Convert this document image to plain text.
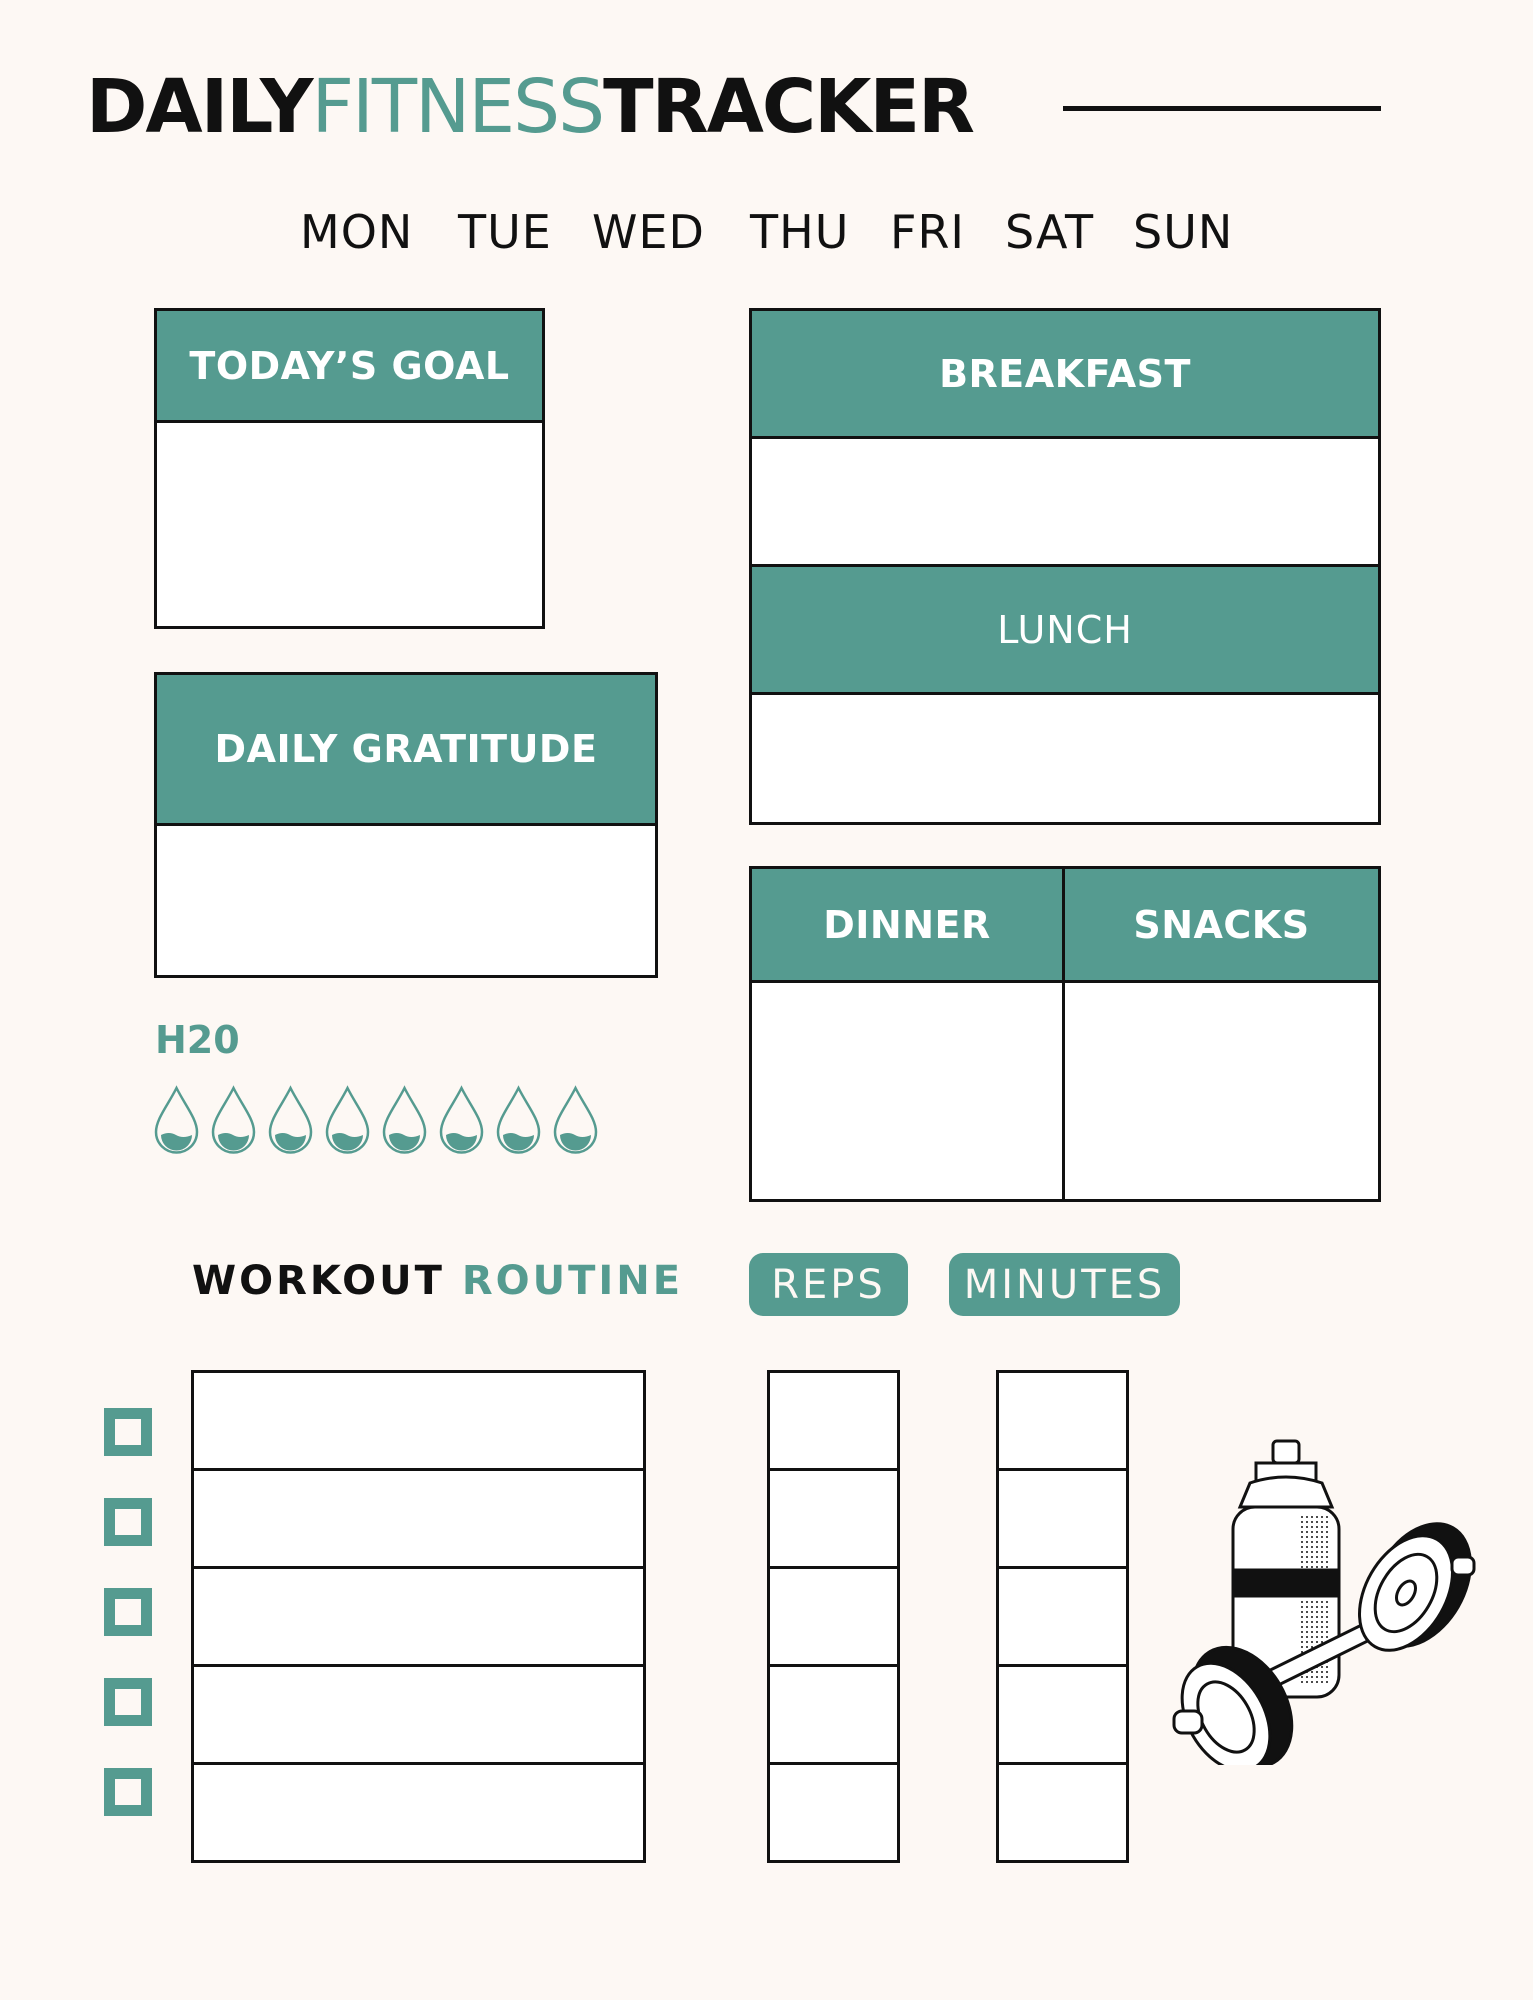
DAILYFITNESSTRACKER
MON TUE WED THU FRI SAT SUN
TODAY’S GOAL
DAILY GRATITUDE
BREAKFAST
LUNCH
DINNER	SNACKS
H20
WORKOUT ROUTINE	REPS	MINUTES
